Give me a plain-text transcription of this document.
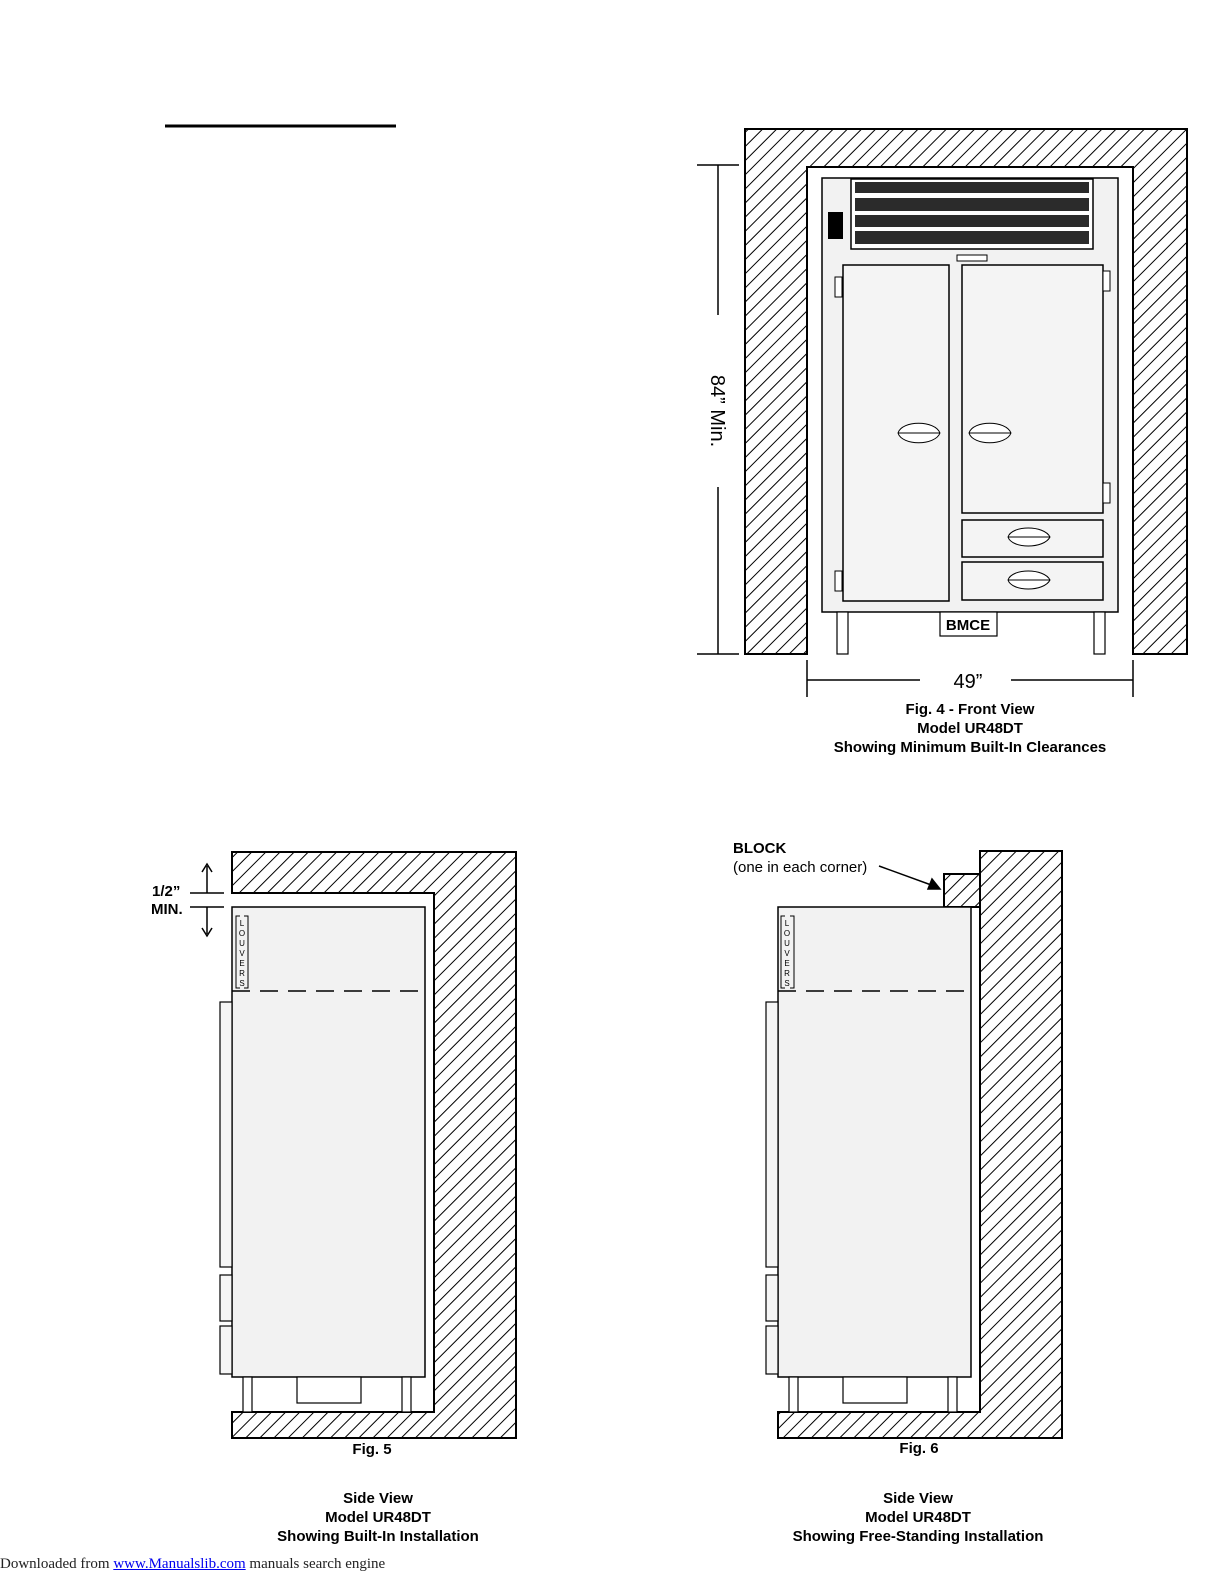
BMCE
84” Min.
49”
Fig. 4 - Front View
Model UR48DT
Showing Minimum Built-In Clearances
L
O
U
V
E
R
S
1/2”
MIN.
Fig. 5
Side View
Model UR48DT
Showing Built-In Installation
L
O
U
V
E
R
S
BLOCK
(one in each corner)
Fig. 6
Side View
Model UR48DT
Showing Free-Standing Installation
Downloaded from www.Manualslib.com manuals search engine
